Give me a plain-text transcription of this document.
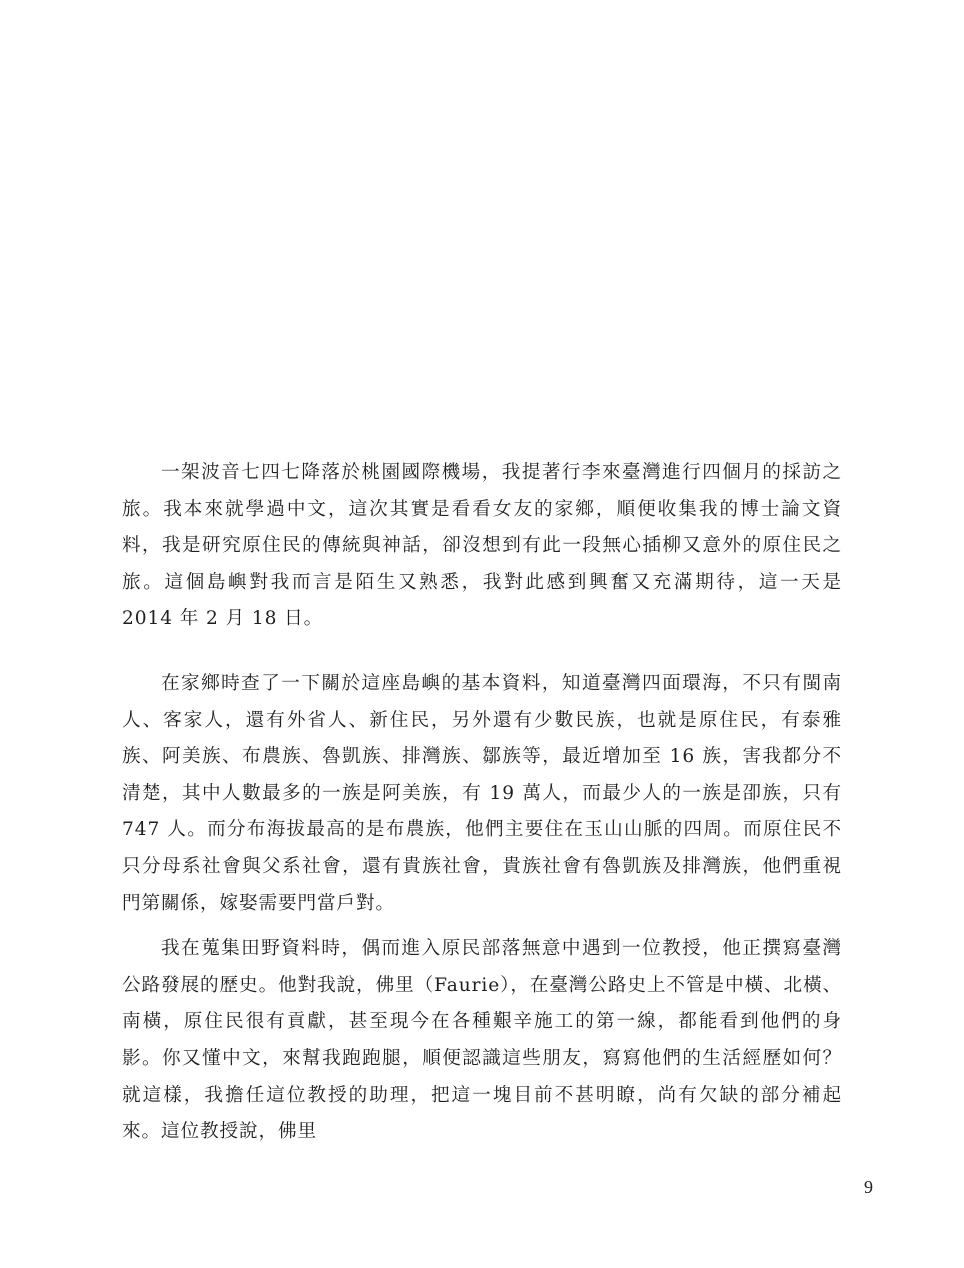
一架波音七四七降落於桃園國際機場，我提著行李來臺灣進行四個月的採訪之旅。我本來就學過中文，這次其實是看看女友的家鄉，順便收集我的博士論文資料，我是研究原住民的傳統與神話，卻沒想到有此一段無心插柳又意外的原住民之旅。這個島嶼對我而言是陌生又熟悉，我對此感到興奮又充滿期待，這一天是 2014 年 2 月 18 日。

在家鄉時查了一下關於這座島嶼的基本資料，知道臺灣四面環海，不只有閩南人、客家人，還有外省人、新住民，另外還有少數民族，也就是原住民，有泰雅族、阿美族、布農族、魯凱族、排灣族、鄒族等，最近增加至 16 族，害我都分不清楚，其中人數最多的一族是阿美族，有 19 萬人，而最少人的一族是卲族，只有 747 人。而分布海拔最高的是布農族，他們主要住在玉山山脈的四周。而原住民不只分母系社會與父系社會，還有貴族社會，貴族社會有魯凱族及排灣族，他們重視門第關係，嫁娶需要門當戶對。

我在蒐集田野資料時，偶而進入原民部落無意中遇到一位教授，他正撰寫臺灣公路發展的歷史。他對我說，佛里（Faurie），在臺灣公路史上不管是中橫、北橫、南橫，原住民很有貢獻，甚至現今在各種艱辛施工的第一線，都能看到他們的身影。你又懂中文，來幫我跑跑腿，順便認識這些朋友，寫寫他們的生活經歷如何？就這樣，我擔任這位教授的助理，把這一塊目前不甚明瞭，尚有欠缺的部分補起來。這位教授說，佛里

9
